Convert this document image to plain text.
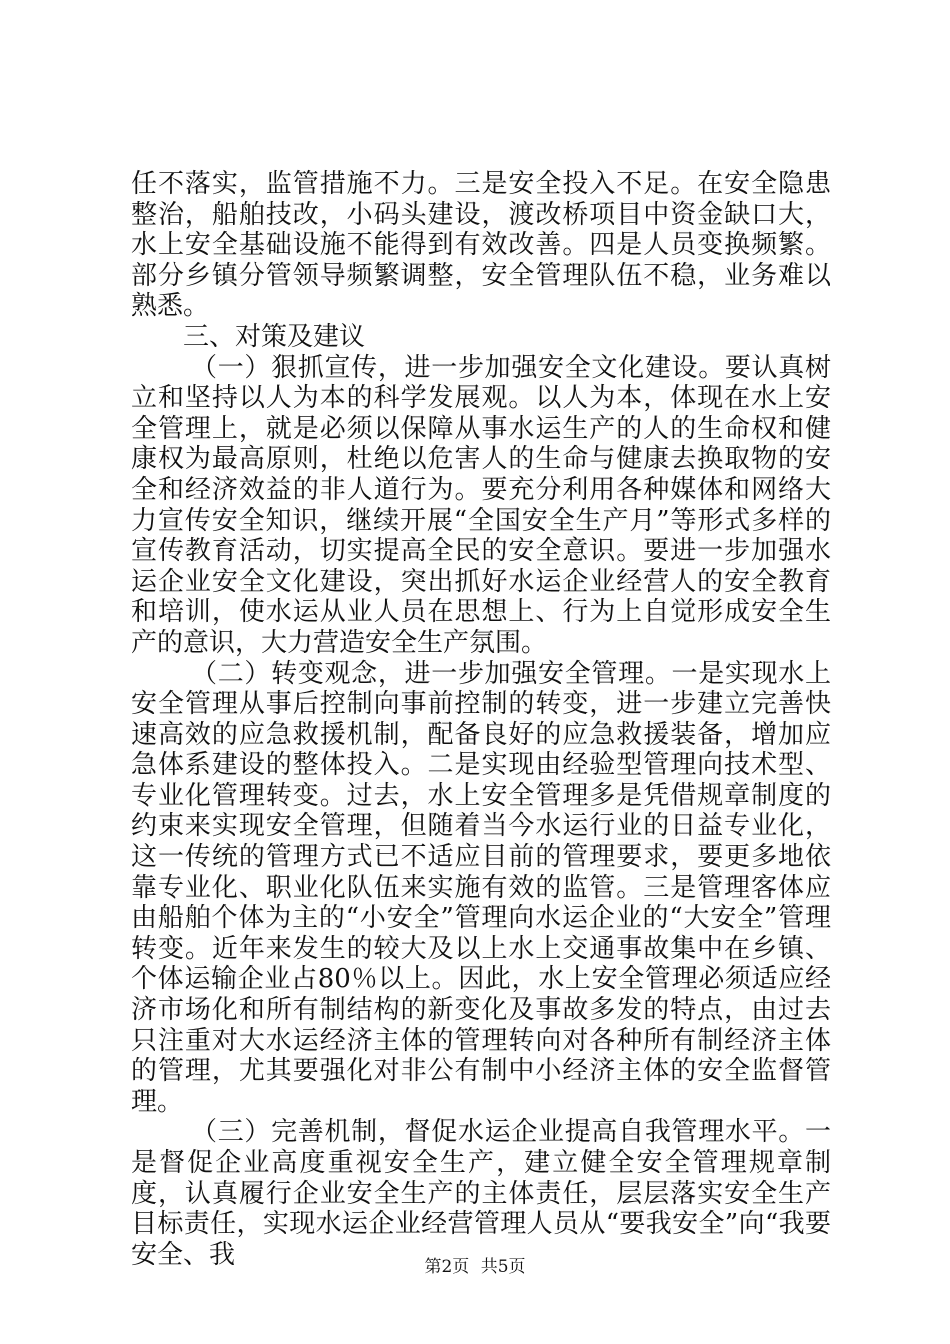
任不落实，监管措施不力。三是安全投入不足。在安全隐患整治，船舶技改，小码头建设，渡改桥项目中资金缺口大，水上安全基础设施不能得到有效改善。四是人员变换频繁。部分乡镇分管领导频繁调整，安全管理队伍不稳，业务难以熟悉。

三、对策及建议

（一）狠抓宣传，进一步加强安全文化建设。要认真树立和坚持以人为本的科学发展观。以人为本，体现在水上安全管理上，就是必须以保障从事水运生产的人的生命权和健康权为最高原则，杜绝以危害人的生命与健康去换取物的安全和经济效益的非人道行为。要充分利用各种媒体和网络大力宣传安全知识，继续开展“全国安全生产月”等形式多样的宣传教育活动，切实提高全民的安全意识。要进一步加强水运企业安全文化建设，突出抓好水运企业经营人的安全教育和培训，使水运从业人员在思想上、行为上自觉形成安全生产的意识，大力营造安全生产氛围。

（二）转变观念，进一步加强安全管理。一是实现水上安全管理从事后控制向事前控制的转变，进一步建立完善快速高效的应急救援机制，配备良好的应急救援装备，增加应急体系建设的整体投入。二是实现由经验型管理向技术型、专业化管理转变。过去，水上安全管理多是凭借规章制度的约束来实现安全管理，但随着当今水运行业的日益专业化，这一传统的管理方式已不适应目前的管理要求，要更多地依靠专业化、职业化队伍来实施有效的监管。三是管理客体应由船舶个体为主的“小安全”管理向水运企业的“大安全”管理转变。近年来发生的较大及以上水上交通事故集中在乡镇、个体运输企业占80％以上。因此，水上安全管理必须适应经济市场化和所有制结构的新变化及事故多发的特点，由过去只注重对大水运经济主体的管理转向对各种所有制经济主体的管理，尤其要强化对非公有制中小经济主体的安全监督管理。

（三）完善机制，督促水运企业提高自我管理水平。一是督促企业高度重视安全生产，建立健全安全管理规章制度，认真履行企业安全生产的主体责任，层层落实安全生产目标责任，实现水运企业经营管理人员从“要我安全”向“我要安全、我	第2页 共5页
